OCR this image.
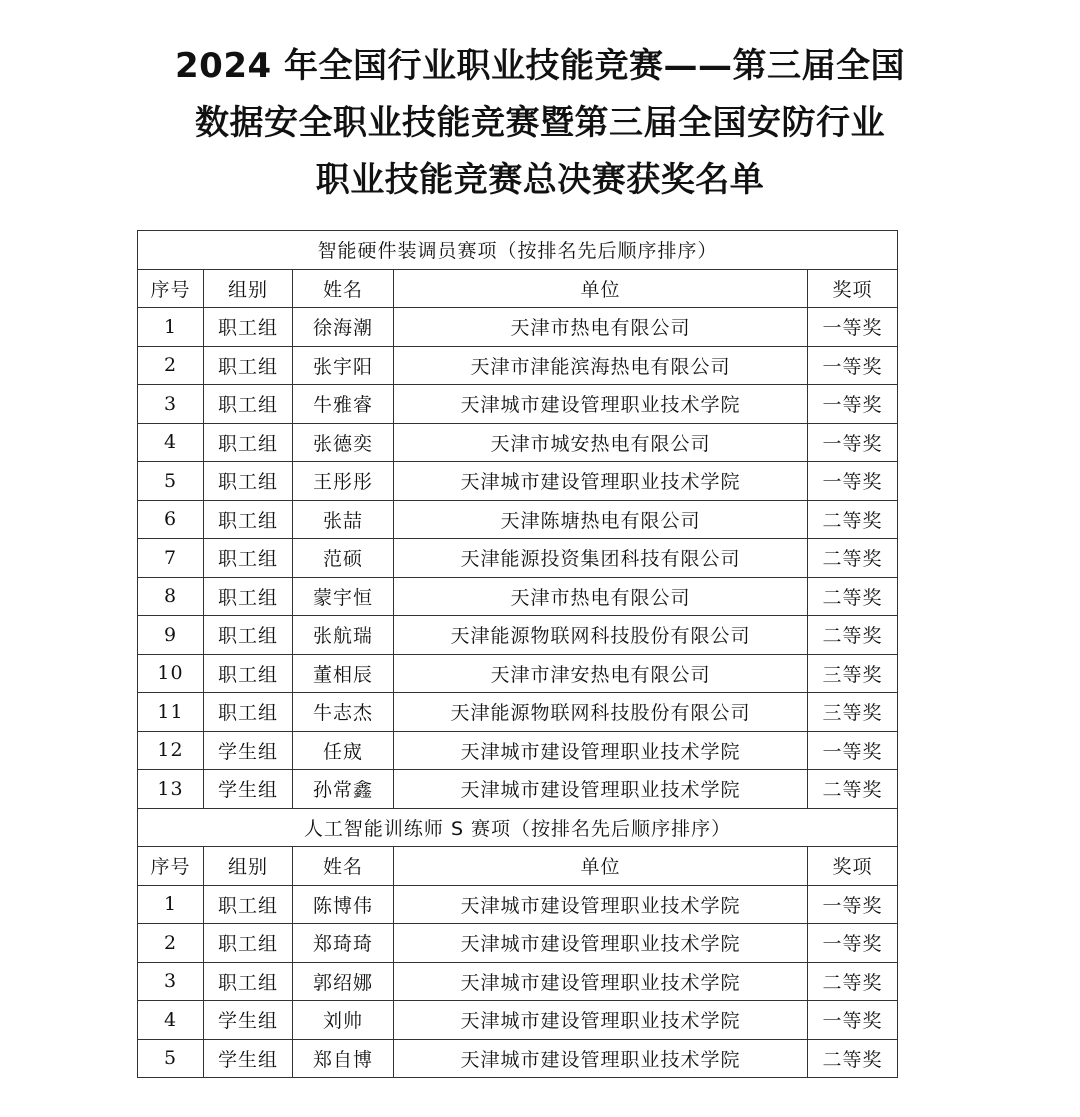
2024 年全国行业职业技能竞赛——第三届全国
数据安全职业技能竞赛暨第三届全国安防行业
职业技能竞赛总决赛获奖名单
智能硬件装调员赛项（按排名先后顺序排序）				
序号	组别	姓名	单位	奖项
1	职工组	徐海潮	天津市热电有限公司	一等奖
2	职工组	张宇阳	天津市津能滨海热电有限公司	一等奖
3	职工组	牛雅睿	天津城市建设管理职业技术学院	一等奖
4	职工组	张德奕	天津市城安热电有限公司	一等奖
5	职工组	王彤彤	天津城市建设管理职业技术学院	一等奖
6	职工组	张喆	天津陈塘热电有限公司	二等奖
7	职工组	范硕	天津能源投资集团科技有限公司	二等奖
8	职工组	蒙宇恒	天津市热电有限公司	二等奖
9	职工组	张航瑞	天津能源物联网科技股份有限公司	二等奖
10	职工组	董相辰	天津市津安热电有限公司	三等奖
11	职工组	牛志杰	天津能源物联网科技股份有限公司	三等奖
12	学生组	任宬	天津城市建设管理职业技术学院	一等奖
13	学生组	孙常鑫	天津城市建设管理职业技术学院	二等奖
人工智能训练师 S 赛项（按排名先后顺序排序）				
序号	组别	姓名	单位	奖项
1	职工组	陈博伟	天津城市建设管理职业技术学院	一等奖
2	职工组	郑琦琦	天津城市建设管理职业技术学院	一等奖
3	职工组	郭绍娜	天津城市建设管理职业技术学院	二等奖
4	学生组	刘帅	天津城市建设管理职业技术学院	一等奖
5	学生组	郑自博	天津城市建设管理职业技术学院	二等奖
